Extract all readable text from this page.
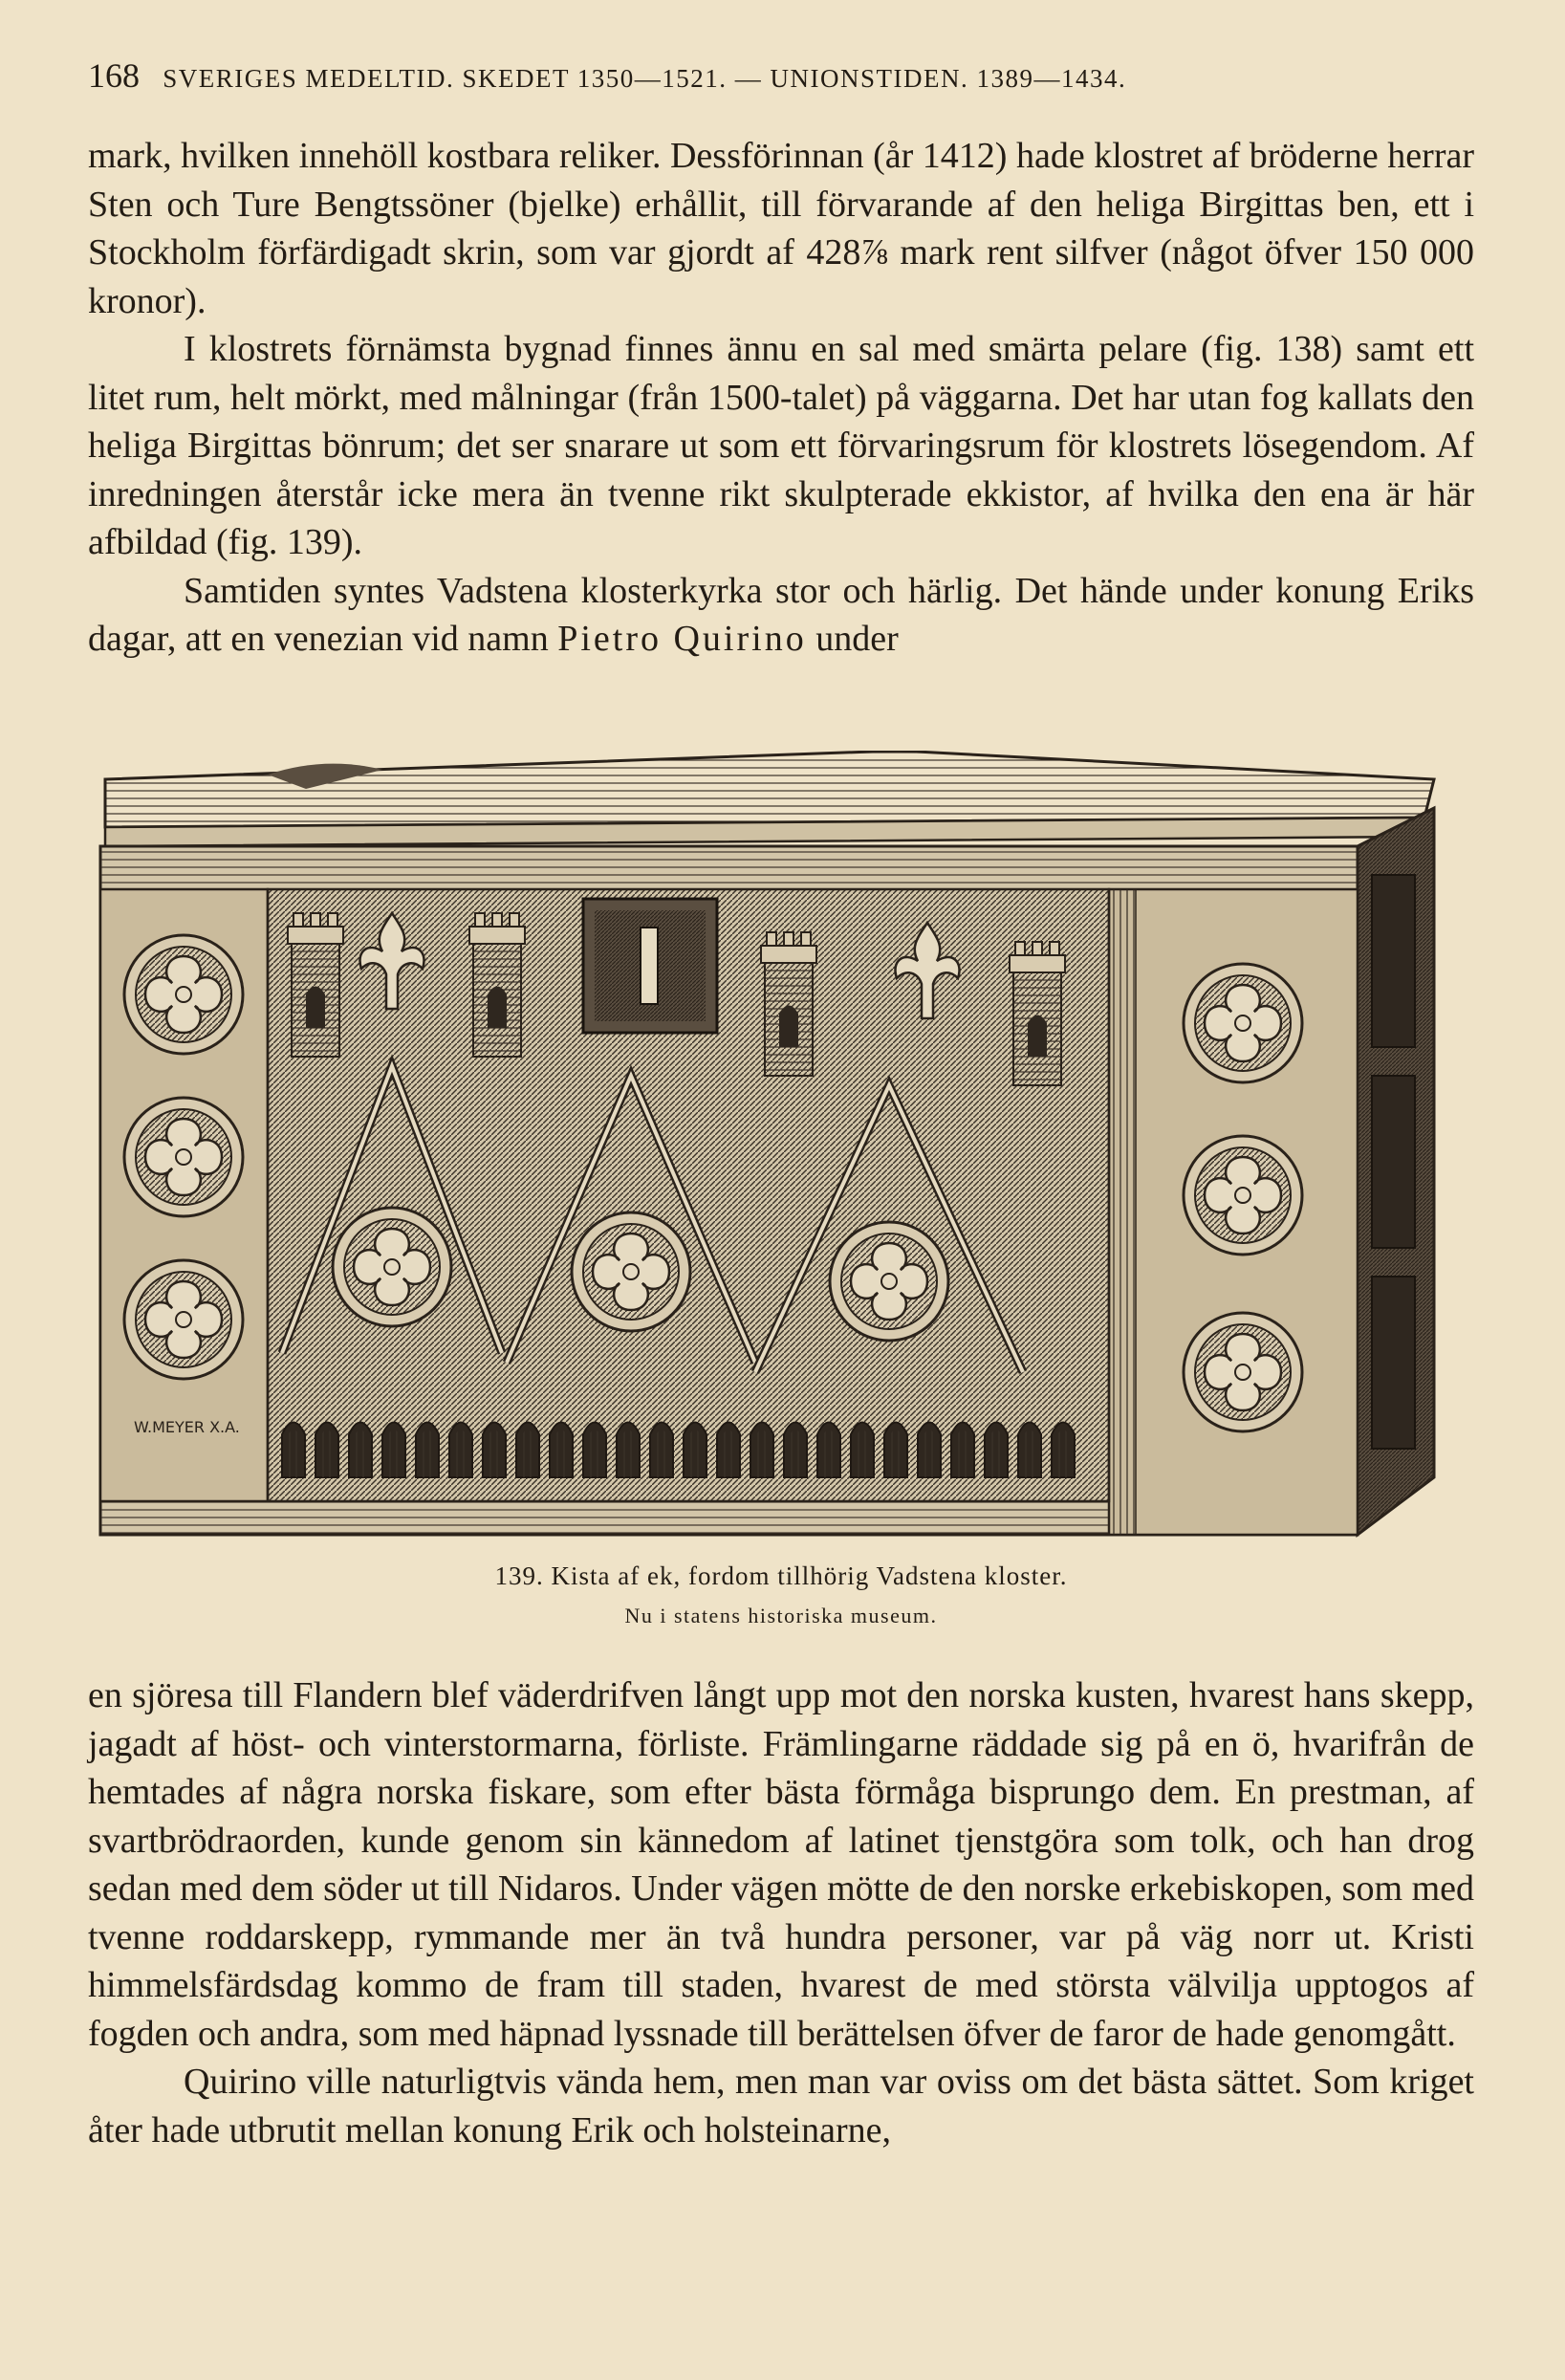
168 SVERIGES MEDELTID. SKEDET 1350—1521. — UNIONSTIDEN. 1389—1434.

mark, hvilken innehöll kostbara reliker. Dessförinnan (år 1412) hade klostret af bröderne herrar Sten och Ture Bengtssöner (bjelke) erhållit, till förvarande af den heliga Birgittas ben, ett i Stockholm förfärdigadt skrin, som var gjordt af 428⅞ mark rent silfver (något öfver 150 000 kronor).

I klostrets förnämsta bygnad finnes ännu en sal med smärta pelare (fig. 138) samt ett litet rum, helt mörkt, med målningar (från 1500-talet) på väggarna. Det har utan fog kallats den heliga Birgittas bönrum; det ser snarare ut som ett förvaringsrum för klostrets lösegendom. Af inredningen återstår icke mera än tvenne rikt skulpterade ekkistor, af hvilka den ena är här afbildad (fig. 139).

Samtiden syntes Vadstena klosterkyrka stor och härlig. Det hände under konung Eriks dagar, att en venezian vid namn Pietro Quirino under

W.MEYER X.A.
139. Kista af ek, fordom tillhörig Vadstena kloster.
Nu i statens historiska museum.

en sjöresa till Flandern blef väderdrifven långt upp mot den norska kusten, hvarest hans skepp, jagadt af höst- och vinterstormarna, förliste. Främlingarne räddade sig på en ö, hvarifrån de hemtades af några norska fiskare, som efter bästa förmåga bisprungo dem. En prestman, af svartbrödraorden, kunde genom sin kännedom af latinet tjenstgöra som tolk, och han drog sedan med dem söder ut till Nidaros. Under vägen mötte de den norske erkebiskopen, som med tvenne roddarskepp, rymmande mer än två hundra personer, var på väg norr ut. Kristi himmelsfärdsdag kommo de fram till staden, hvarest de med största välvilja upptogos af fogden och andra, som med häpnad lyssnade till berättelsen öfver de faror de hade genomgått.

Quirino ville naturligtvis vända hem, men man var oviss om det bästa sättet. Som kriget åter hade utbrutit mellan konung Erik och holsteinarne,
